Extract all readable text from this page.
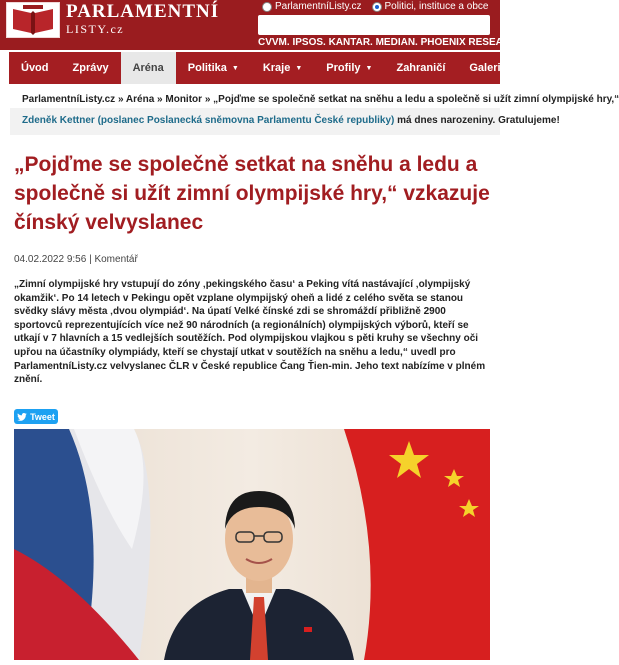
PARLAMENTNÍ
LISTY.cz
ParlamentníListy.cz Politici, instituce a obce
CVVM. IPSOS. KANTAR. MEDIAN. PHOENIX RESEARCH. STEM
Úvod Zprávy Aréna Politika ▼ Kraje ▼ Profily ▼ Zahraničí Galerie ▼
ParlamentníListy.cz » Aréna » Monitor » „Pojďme se společně setkat na sněhu a ledu a společně si užít zimní olympijské hry,“
Zdeněk Kettner (poslanec Poslanecká sněmovna Parlamentu České republiky) má dnes narozeniny. Gratulujeme!
„Pojďme se společně setkat na sněhu a ledu a společně si užít zimní olympijské hry,“ vzkazuje čínský velvyslanec
04.02.2022 9:56 | Komentář

„Zimní olympijské hry vstupují do zóny ‚pekingského času‘ a Peking vítá nastávající ‚olympijský okamžik‘. Po 14 letech v Pekingu opět vzplane olympijský oheň a lidé z celého světa se stanou svědky slávy města ‚dvou olympiád‘. Na úpatí Velké čínské zdi se shromáždí přibližně 2900 sportovců reprezentujících více než 90 národních (a regionálních) olympijských výborů, kteří se utkají v 7 hlavních a 15 vedlejších soutěžích. Pod olympijskou vlajkou s pěti kruhy se všechny oči upřou na účastníky olympiády, kteří se chystají utkat v soutěžích na sněhu a ledu,“ uvedl pro ParlamentníListy.cz velvyslanec ČLR v České republice Čang Ťien-min. Jeho text nabízíme v plném znění.

Tweet
